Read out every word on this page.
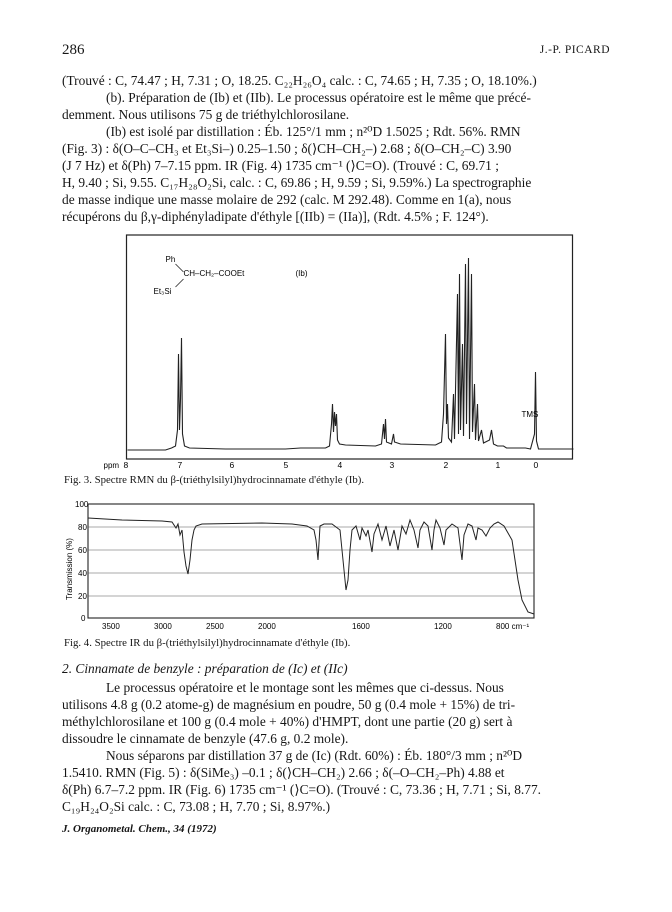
286	J.-P. PICARD
(Trouvé : C, 74.47 ; H, 7.31 ; O, 18.25. C₂₂H₂₆O₄ calc. : C, 74.65 ; H, 7.35 ; O, 18.10%.)
(b). Préparation de (Ib) et (IIb). Le processus opératoire est le même que précé-
demment. Nous utilisons 75 g de triéthylchlorosilane.
(Ib) est isolé par distillation : Éb. 125°/1 mm ; n²⁰D 1.5025 ; Rdt. 56%. RMN
(Fig. 3) : δ(O–C–CH₃ et Et₃Si–) 0.25–1.50 ; δ(⟩CH–CH₂–) 2.68 ; δ(O–CH₂–C) 3.90
(J 7 Hz) et δ(Ph) 7–7.15 ppm. IR (Fig. 4) 1735 cm⁻¹ (⟩C=O). (Trouvé : C, 69.71 ;
H, 9.40 ; Si, 9.55. C₁₇H₂₈O₂Si, calc. : C, 69.86 ; H, 9.59 ; Si, 9.59%.) La spectrographie
de masse indique une masse molaire de 292 (calc. M 292.48). Comme en 1(a), nous
récupérons du β,γ-diphényladipate d'éthyle [(IIb) = (IIa)], (Rdt. 4.5% ; F. 124°).
Ph
CH–CH₂–COOEt
Et₃Si
(Ib)
TMS
ppm 8	7	6	5	4	3	2	1	0
Fig. 3. Spectre RMN du β-(triéthylsilyl)hydrocinnamate d'éthyle (Ib).
Transmission (%)
100
80
60
40
20
0
3500	3000	2500	2000	1600	1200	800 cm⁻¹
Fig. 4. Spectre IR du β-(triéthylsilyl)hydrocinnamate d'éthyle (Ib).
2. Cinnamate de benzyle : préparation de (Ic) et (IIc)
Le processus opératoire et le montage sont les mêmes que ci-dessus. Nous
utilisons 4.8 g (0.2 atome-g) de magnésium en poudre, 50 g (0.4 mole + 15%) de tri-
méthylchlorosilane et 100 g (0.4 mole + 40%) d'HMPT, dont une partie (20 g) sert à
dissoudre le cinnamate de benzyle (47.6 g, 0.2 mole).
Nous séparons par distillation 37 g de (Ic) (Rdt. 60%) : Éb. 180°/3 mm ; n²⁰D
1.5410. RMN (Fig. 5) : δ(SiMe₃) –0.1 ; δ(⟩CH–CH₂) 2.66 ; δ(–O–CH₂–Ph) 4.88 et
δ(Ph) 6.7–7.2 ppm. IR (Fig. 6) 1735 cm⁻¹ (⟩C=O). (Trouvé : C, 73.36 ; H, 7.71 ; Si, 8.77.
C₁₉H₂₄O₂Si calc. : C, 73.08 ; H, 7.70 ; Si, 8.97%.)
J. Organometal. Chem., 34 (1972)
